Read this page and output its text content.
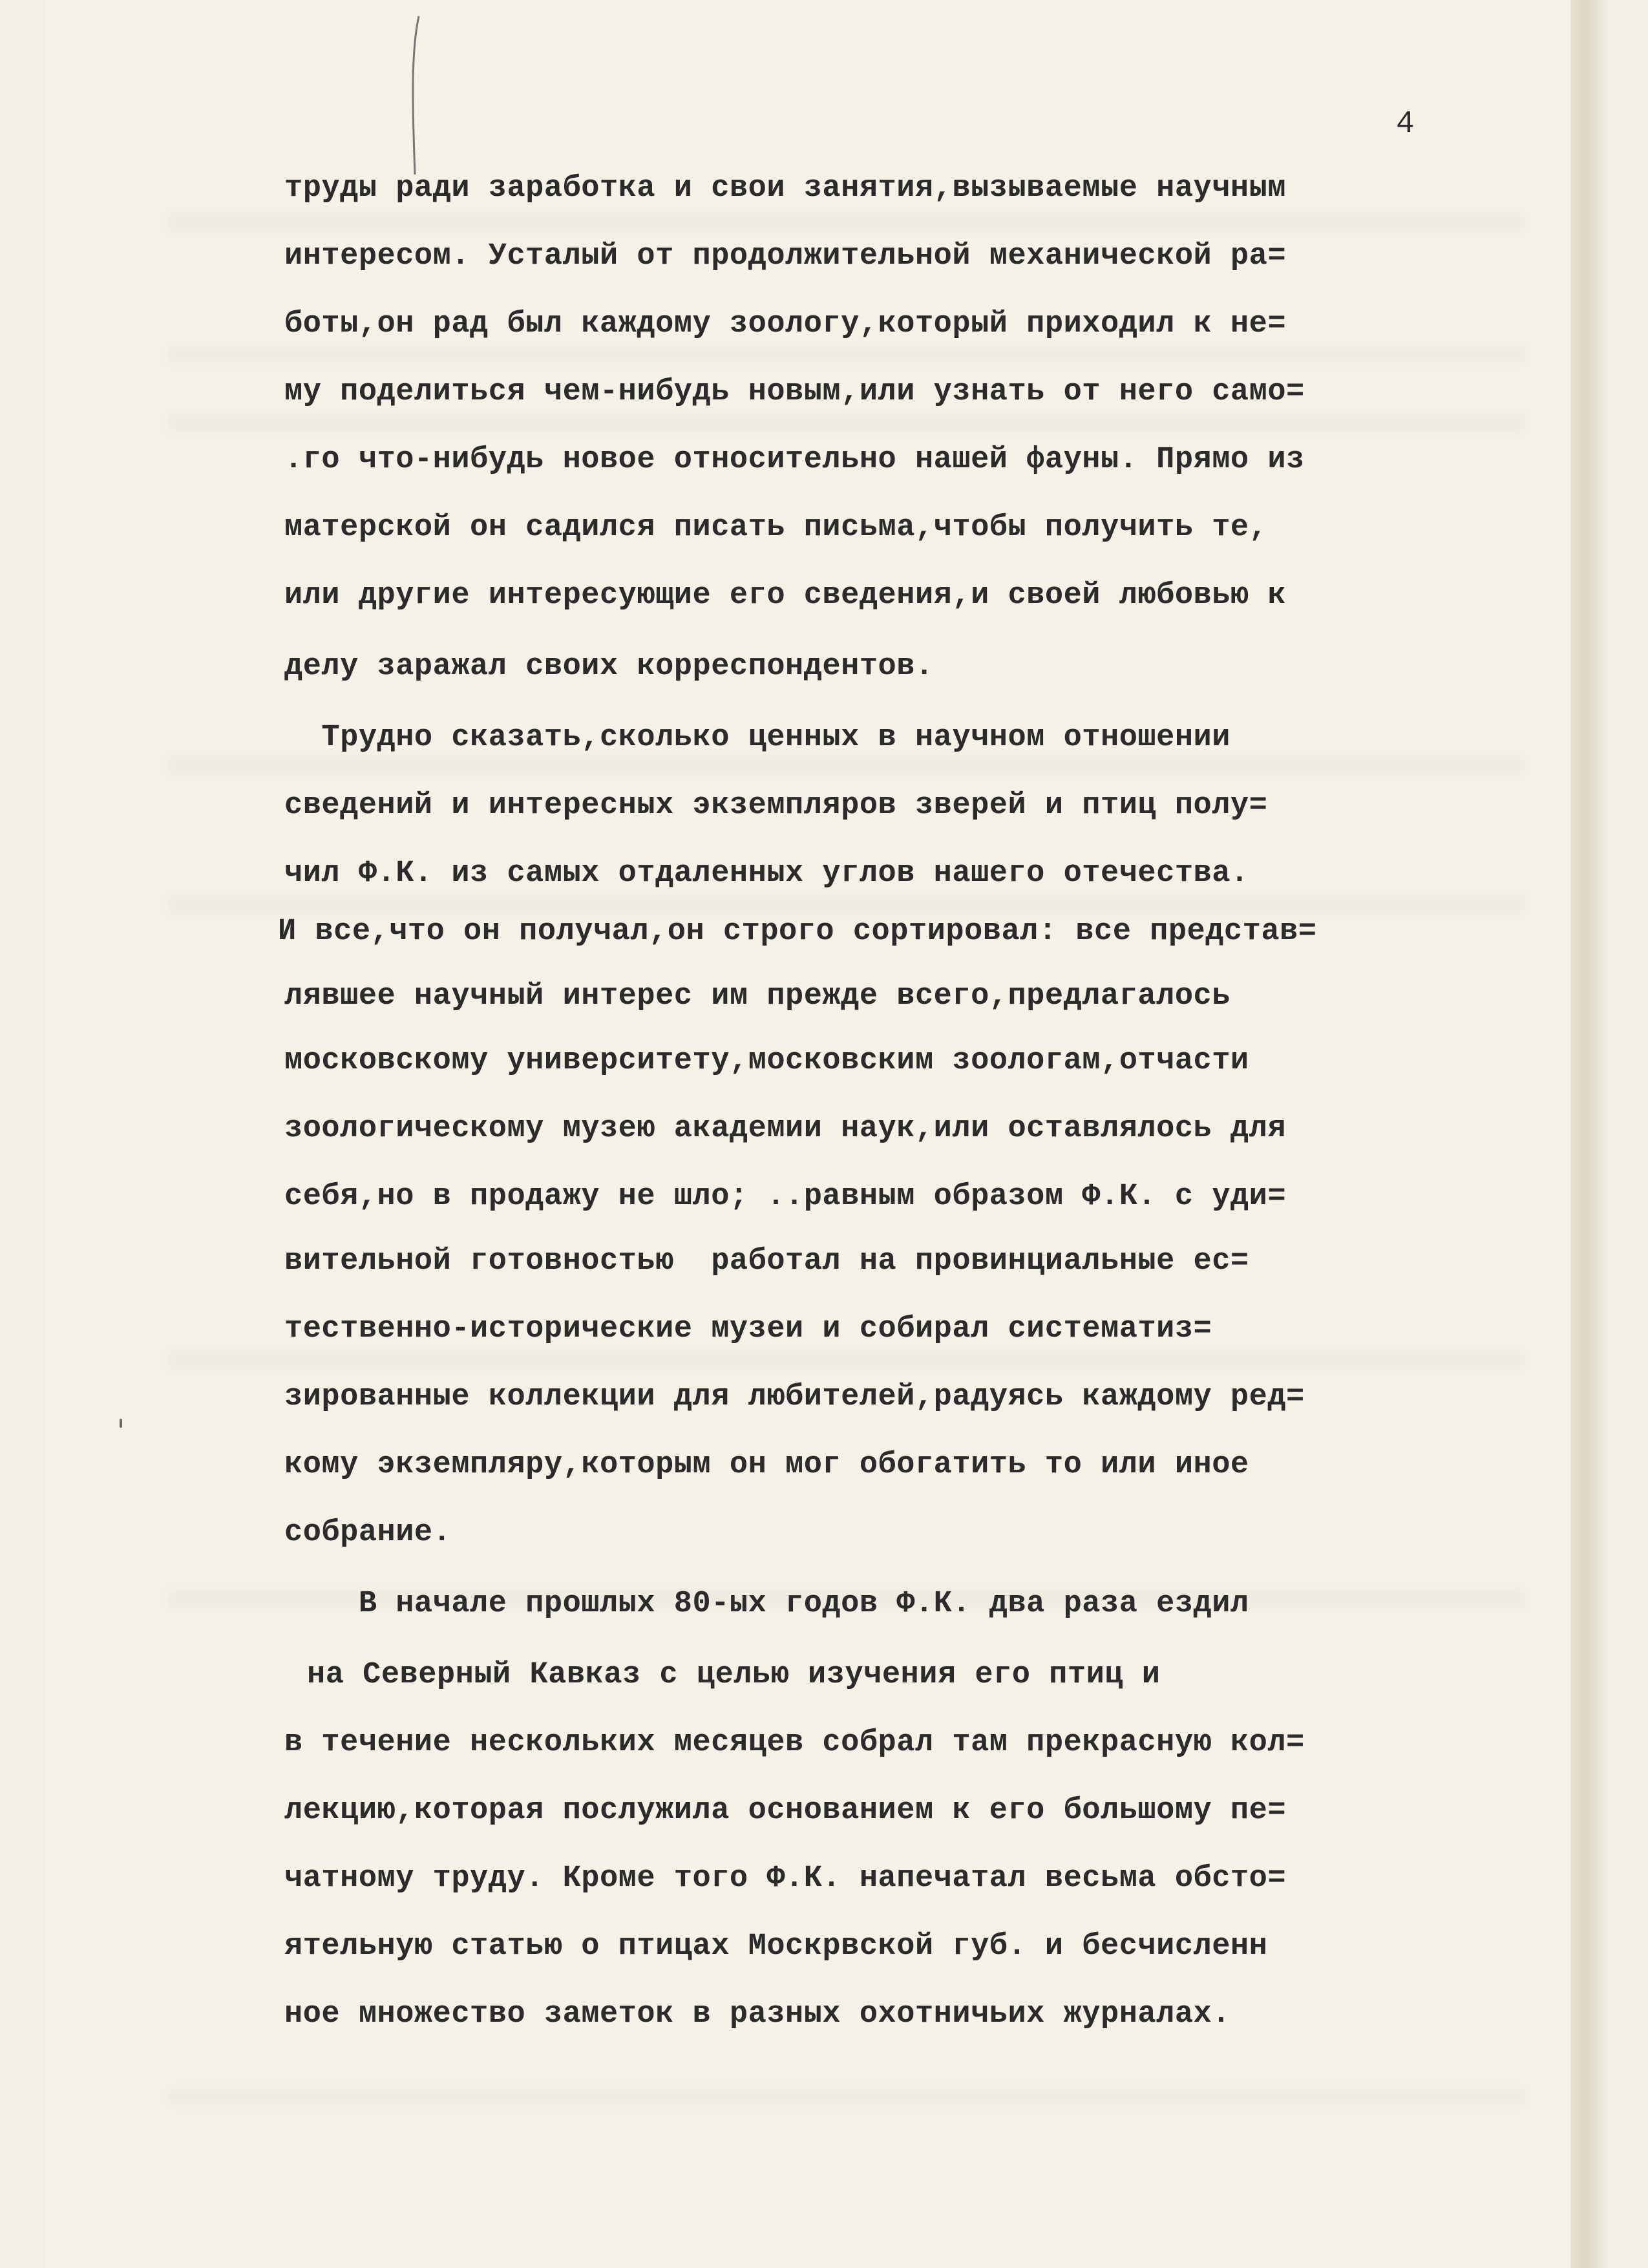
4

труды ради заработка и свои занятия,вызываемые научным

интересом. Усталый от продолжительной механической ра=

боты,он рад был каждому зоологу,который приходил к не=

му поделиться чем-нибудь новым,или узнать от него само=

.го что-нибудь новое относительно нашей фауны. Прямо из

матерской он садился писать письма,чтобы получить те,

или другие интересующие его сведения,и своей любовью к

делу заражал своих корреспондентов.

Трудно сказать,сколько ценных в научном отношении

сведений и интересных экземпляров зверей и птиц полу=

чил Ф.К. из самых отдаленных углов нашего отечества.

И все,что он получал,он строго сортировал: все представ=

лявшее научный интерес им прежде всего,предлагалось

московскому университету,московским зоологам,отчасти

зоологическому музею академии наук,или оставлялось для

себя,но в продажу не шло; ..равным образом Ф.К. с уди=

вительной готовностью  работал на провинциальные ес=

тественно-историческиe музеи и собирал систематиз=

зированные коллекции для любителей,радуясь каждому ред=

кому экземпляру,которым он мог обогатить то или иное

собрание.

В начале прошлых 80-ых годов Ф.К. два раза ездил

на Северный Кавказ с целью изучения его птиц и

в течение нескольких месяцев собрал там прекрасную кол=

лекцию,которая послужила основанием к его большому пе=

чатному труду. Кроме того Ф.К. напечатал весьма обсто=

ятельную статью о птицах Москрвской губ. и бесчисленн

ное множество заметок в разных охотничьих журналах.
